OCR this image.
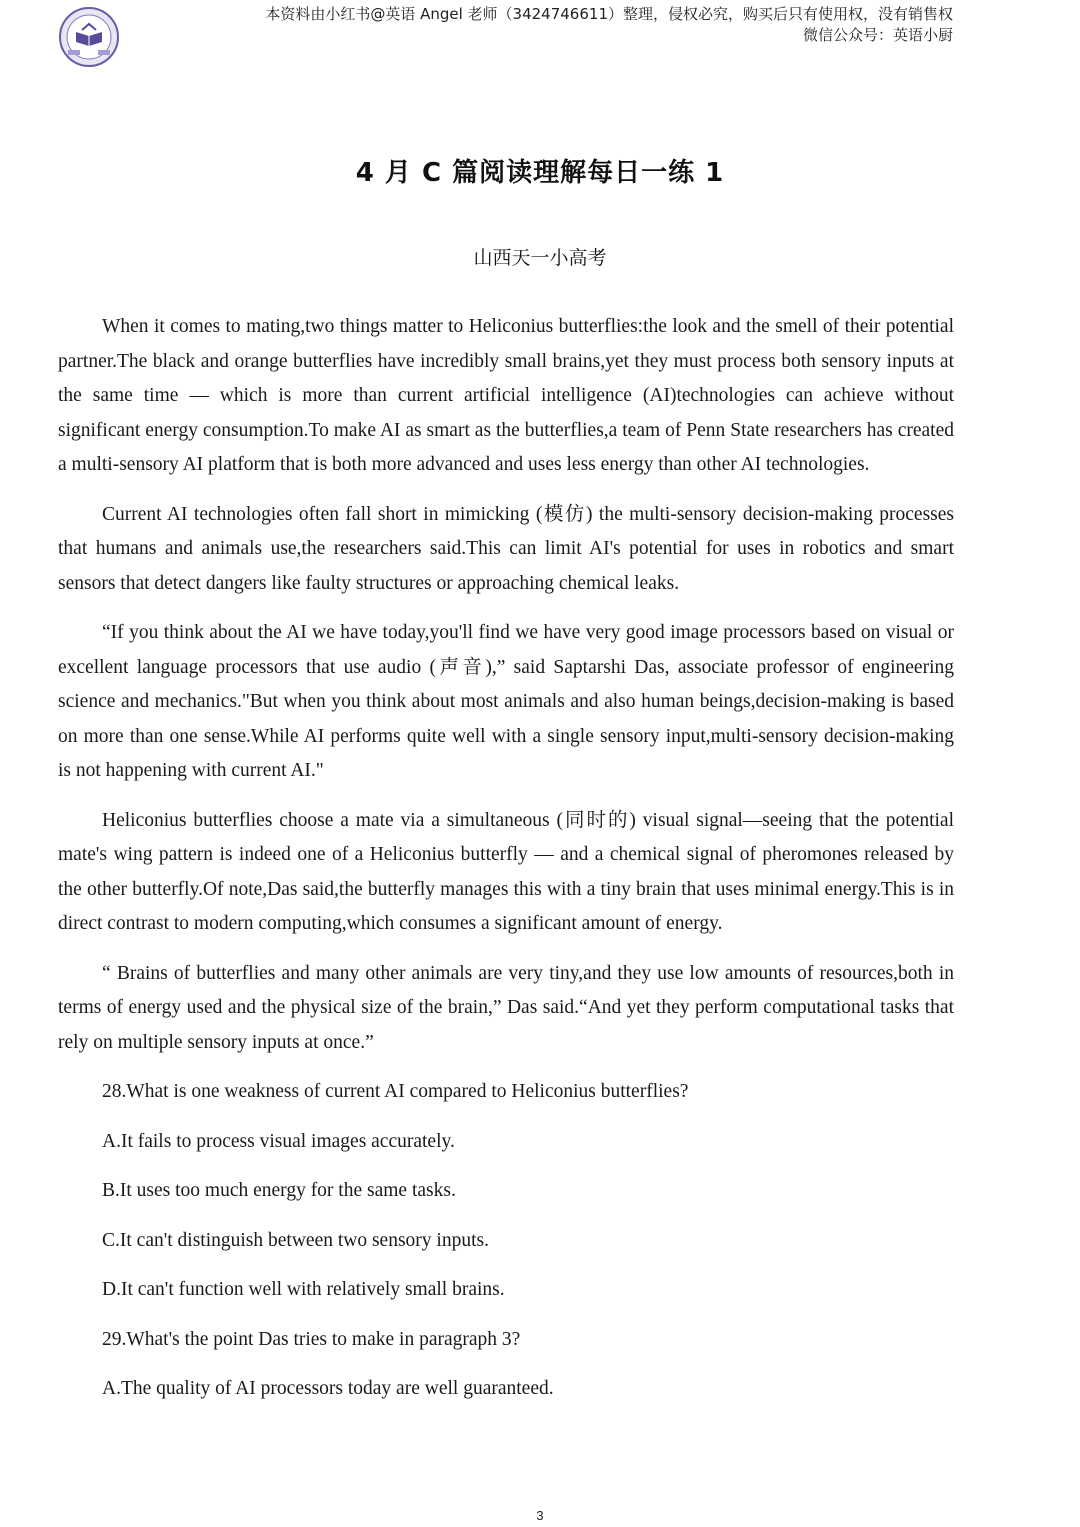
本资料由小红书@英语 Angel 老师（3424746611）整理，侵权必究，购买后只有使用权，没有销售权
微信公众号：英语小厨
4 月 C 篇阅读理解每日一练 1
山西天一小高考

When it comes to mating,two things matter to Heliconius butterflies:the look and the smell of their potential partner.The black and orange butterflies have incredibly small brains,yet they must process both sensory inputs at the same time — which is more than current artificial intelligence (AI)technologies can achieve without significant energy consumption.To make AI as smart as the butterflies,a team of Penn State researchers has created a multi-sensory AI platform that is both more advanced and uses less energy than other AI technologies.

Current AI technologies often fall short in mimicking (模仿) the multi-sensory decision-making processes that humans and animals use,the researchers said.This can limit AI's potential for uses in robotics and smart sensors that detect dangers like faulty structures or approaching chemical leaks.

“If you think about the AI we have today,you'll find we have very good image processors based on visual or excellent language processors that use audio (声音),” said Saptarshi Das, associate professor of engineering science and mechanics."But when you think about most animals and also human beings,decision-making is based on more than one sense.While AI performs quite well with a single sensory input,multi-sensory decision-making is not happening with current AI."

Heliconius butterflies choose a mate via a simultaneous (同时的) visual signal—seeing that the potential mate's wing pattern is indeed one of a Heliconius butterfly — and a chemical signal of pheromones released by the other butterfly.Of note,Das said,the butterfly manages this with a tiny brain that uses minimal energy.This is in direct contrast to modern computing,which consumes a significant amount of energy.

“ Brains of butterflies and many other animals are very tiny,and they use low amounts of resources,both in terms of energy used and the physical size of the brain,” Das said.“And yet they perform computational tasks that rely on multiple sensory inputs at once.”

28.What is one weakness of current AI compared to Heliconius butterflies?

A.It fails to process visual images accurately.

B.It uses too much energy for the same tasks.

C.It can't distinguish between two sensory inputs.

D.It can't function well with relatively small brains.

29.What's the point Das tries to make in paragraph 3?

A.The quality of AI processors today are well guaranteed.

3
